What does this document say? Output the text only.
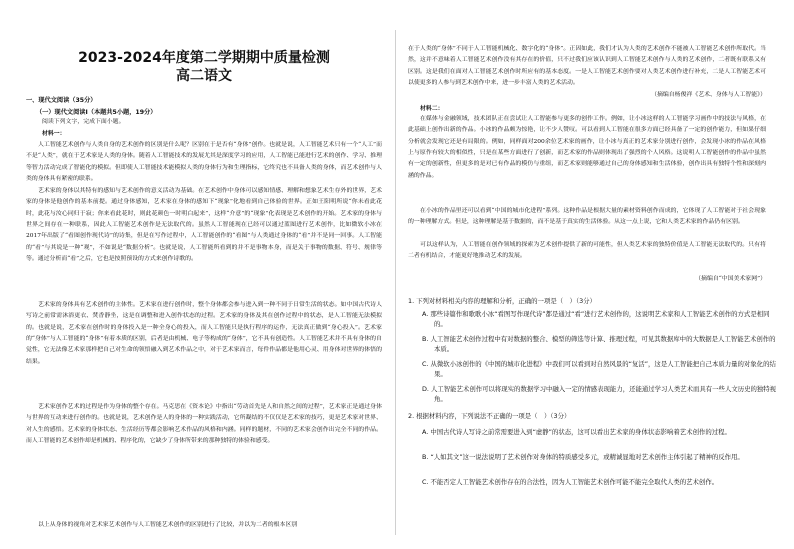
2023-2024年度第二学期期中质量检测
高二语文
一、现代文阅读（35分）
（一）现代文阅读Ⅰ（本题共5小题，19分）

阅读下列文字，完成下面小题。

材料一：

人工智能艺术创作与人类自身的艺术创作的区别是什么呢？区别在于是否有“身体”创作。也就是说，人工智能艺术只有一个“人工”而不是“人类”，就在于艺术家是人类的身体。随着人工智能技术的发展尤其是深度学习的应用，人工智能已能进行艺术的创作、学习、推理等智力活动完成了智能化的模拟。但即使人工智能技术能模拟人类的身体行为和生理指标，它终究也不具备人类的身体，而艺术创作与人类的身体具有紧密的联系。

艺术家的身体以其特有的感知与艺术创作的意义活动为基础。在艺术创作中身体可以感知情感、理解和想象艺术生存外的世界，艺术家的身体是他创作的基本前提。通过身体感知，艺术家在身体的感知下“现象”化地看到自己体验的世界。正如王阳明所说“你未看此花时，此花与汝心同归于寂；你来看此花时，则此花颜色一时明白起来”，这样“介意”的“现象”化表现是艺术创作的开始。艺术家的身体与世界之间存在一种联系，因此人工智能艺术创作是无法取代的。虽然人工智能现在已经可以通过蓝图进行艺术创作，比如微软小冰在2017年出版了“看图创作现代诗”的诗集，但是在写作过程中，人工智能创作的“看图”与人类通过身体的“看”并不是同一回事。人工智能的“看”与其说是一种“观”，不如说是“数据分析”。也就是说，人工智能所看到的并不是事物本身，而是关于事物的数据、符号、规律等等。通过分析而“看”之后，它也是按照预设的方式来创作诗歌的。

艺术家的身体具有艺术创作的主体性。艺术家在进行创作时，整个身体都会参与进入到一种不同于日常生活的状态。如中国古代诗人写诗之前常需沐浴更衣、焚香静坐，这是在调整和进入创作状态的过程。艺术家的身体及其在创作过程中的状态，是人工智能无法模拟的。也就是说，艺术家在创作时的身体投入是一种全身心的投入，而人工智能只是执行程序的运作，无法真正做到“身心投入”。艺术家的“身体”与人工智能的“身体”有着本质的区别，后者是由机械、电子等构成的“身体”，它不具有创造性。人工智能艺术并不具有身体的自觉性，它无法像艺术家那样把自己对生命的领悟融入到艺术作品之中，对于艺术家而言，每件作品都是他用心灵、用身体对世界的体悟的结果。

艺术家创作艺术的过程是作为身体的整个存在。马克思在《资本论》中指出“劳动首先是人和自然之间的过程”，艺术家正是通过身体与世界的互动来进行创作的。也就是说，艺术创作是人的身体的一种实践活动，它所凝结的不仅仅是艺术家的技巧，更是艺术家对世界、对人生的感悟。艺术家的身体状态、生活经历等都会影响艺术作品的风格和内涵。同样的题材，不同的艺术家会创作出完全不同的作品。而人工智能的艺术创作却是机械的、程序化的，它缺少了身体所带来的那种独特的体验和感受。

以上从身体的视角对艺术家艺术创作与人工智能艺术创作的区别进行了比较，并以为二者的根本区别

在于人类的“身体”不同于人工智能机械化、数字化的“身体”。正因如此，我们才认为人类的艺术创作不能被人工智能艺术创作所取代。当然，这并不意味着人工智能艺术创作没有其存在的价值，只不过我们应该认识到人工智能艺术创作与人类的艺术创作，二者既有联系又有区别。这是我们在面对人工智能艺术创作时所应有的基本态度。一是人工智能艺术创作要对人类艺术创作进行补充，二是人工智能艺术可以使更多的人参与到艺术创作中来，进一步丰富人类的艺术活动。

（摘编自杨俊祥《艺术、身体与人工智能》）

材料二：

在媒体与金融领域，技术团队正在尝试让人工智能参与更多的创作工作。例如，让小冰这样的人工智能学习画作中的技法与风格，在此基础上创作出新的作品。小冰的作品颇为惊艳，让不少人赞叹。可以看到人工智能在很多方面已经具备了一定的创作能力，但如果仔细分析就会发现它还是有局限的。例如，同样面对200余位艺术家的画作，让小冰与真正的艺术家分别进行创作，会发现小冰的作品在风格上与原作有较大的相似性，只是在某些方面进行了创新，而艺术家的作品则体现出了强烈的个人风格。这说明人工智能创作的作品中虽然有一定的创新性，但更多的是对已有作品的模仿与重组，而艺术家则能够通过自己的身体感知和生活体验，创作出具有独特个性和深刻内涵的作品。

在小冰的作品里还可以看到“中国的城市化进程”系列。这种作品是根据大量的素材资料创作而成的，它体现了人工智能对于社会现象的一种理解方式。但是，这种理解是基于数据的，而不是基于真实的生活体验。从这一点上说，它和人类艺术家的作品仍有区别。

可以这样认为，人工智能在创作领域的探索为艺术创作提供了新的可能性，但人类艺术家的独特价值是人工智能无法取代的。只有将二者有机结合，才能更好地推动艺术的发展。

（摘编自“中国美术家网”）

1. 下列对材料相关内容的理解和分析，正确的一项是（　）（3分）

A. 那些诗篇作和歌歌小冰“看图写作现代诗”都是通过“看”进行艺术创作的，这说明艺术家和人工智能艺术创作的方式是相同的。

B. 人工智能艺术创作过程中有对数据的整合、模型的筛选等计算、推理过程，可见其数据库中的大数据是人工智能艺术创作的本质。

C. 从微软小冰创作的《中国的城市化进程》中我们可以看到对自然风景的“复活”，这是人工智能把自己本质力量的对象化的结果。

D. 人工智能艺术创作可以将现实的数据学习中融入一定的情感表现能力，还能通过学习人类艺术而具有一些人文历史的独特视角。

2. 根据材料内容，下列说法不正确的一项是（　）（3分）

A. 中国古代诗人写诗之前常需要进入到“虚静”的状态，这可以看出艺术家的身体状态影响着艺术创作的过程。

B. “人如其文”这一说法说明了艺术创作对身体的特质感受多元，或精诚显地对艺术创作主体引起了精神的反作用。

C. 不能否定人工智能艺术创作存在的合法性，因为人工智能艺术创作可能不能完全取代人类的艺术创作。
